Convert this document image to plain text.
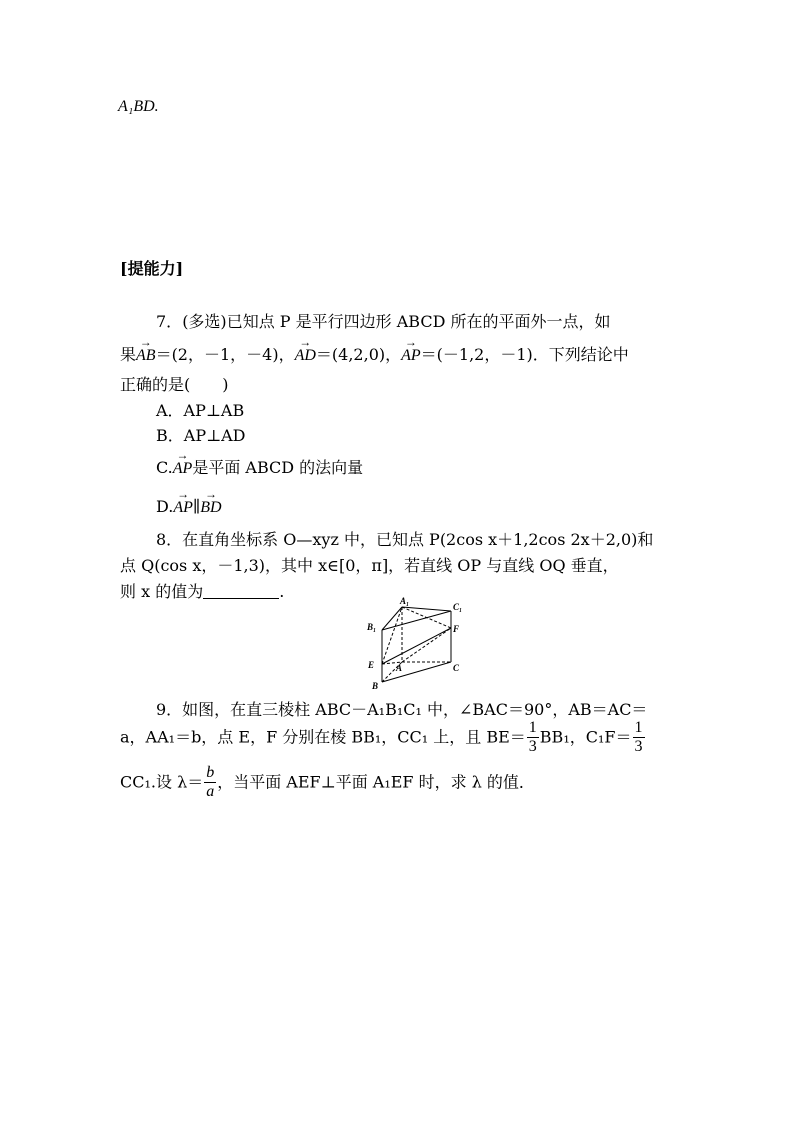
A₁BD.
[提能力]
7．(多选)已知点 P 是平行四边形 ABCD 所在的平面外一点，如
果→ AB＝(2，－1，－4)，→ AD＝(4,2,0)，→ AP＝(－1,2，－1)．下列结论中
正确的是(　　)
A．AP⊥AB
B．AP⊥AD
C.→ AP是平面 ABCD 的法向量
D.→ AP∥→ BD
8．在直角坐标系 O—xyz 中，已知点 P(2cos x＋1,2cos 2x＋2,0)和
点 Q(cos x，－1,3)，其中 x∈[0，π]，若直线 OP 与直线 OQ 垂直，
则 x 的值为	.	A₁
C₁
B₁	F
E A	C
B
9．如图，在直三棱柱 ABC－A₁B₁C₁ 中，∠BAC＝90°，AB＝AC＝
a，AA₁＝b，点 E，F 分别在棱 BB₁，CC₁ 上，且 $BE= \frac{1}{3} BB_1$，$C_1F= \frac{1}{3}$
CC₁.设 $\lambda= \frac{b}{a}$ ，当平面 AEF⊥平面 A₁EF 时，求 λ 的值．
